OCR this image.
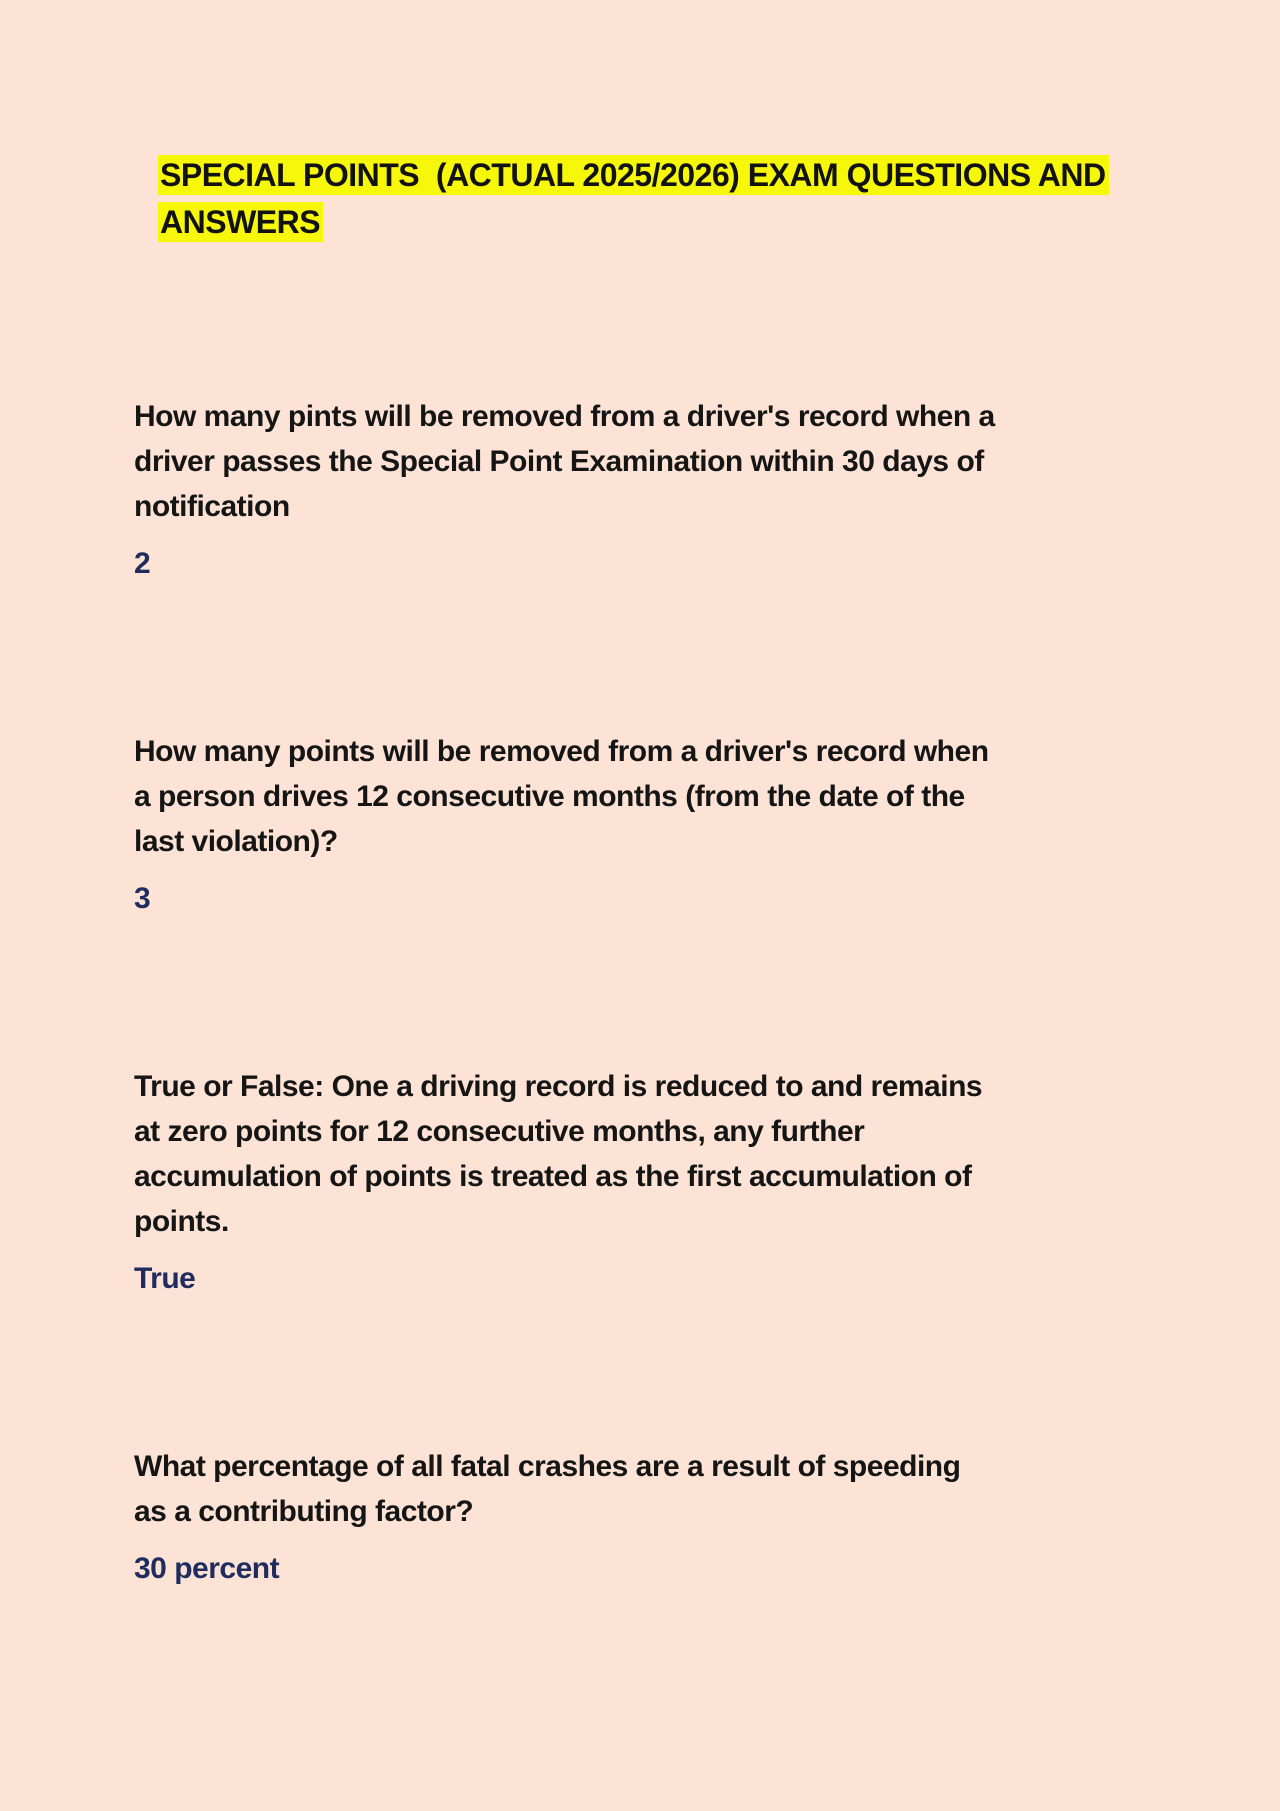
SPECIAL POINTS  (ACTUAL 2025/2026) EXAM QUESTIONS AND
ANSWERS

How many pints will be removed from a driver's record when a
driver passes the Special Point Examination within 30 days of
notification

2

How many points will be removed from a driver's record when
a person drives 12 consecutive months (from the date of the
last violation)?

3

True or False: One a driving record is reduced to and remains
at zero points for 12 consecutive months, any further
accumulation of points is treated as the first accumulation of
points.

True

What percentage of all fatal crashes are a result of speeding
as a contributing factor?

30 percent
